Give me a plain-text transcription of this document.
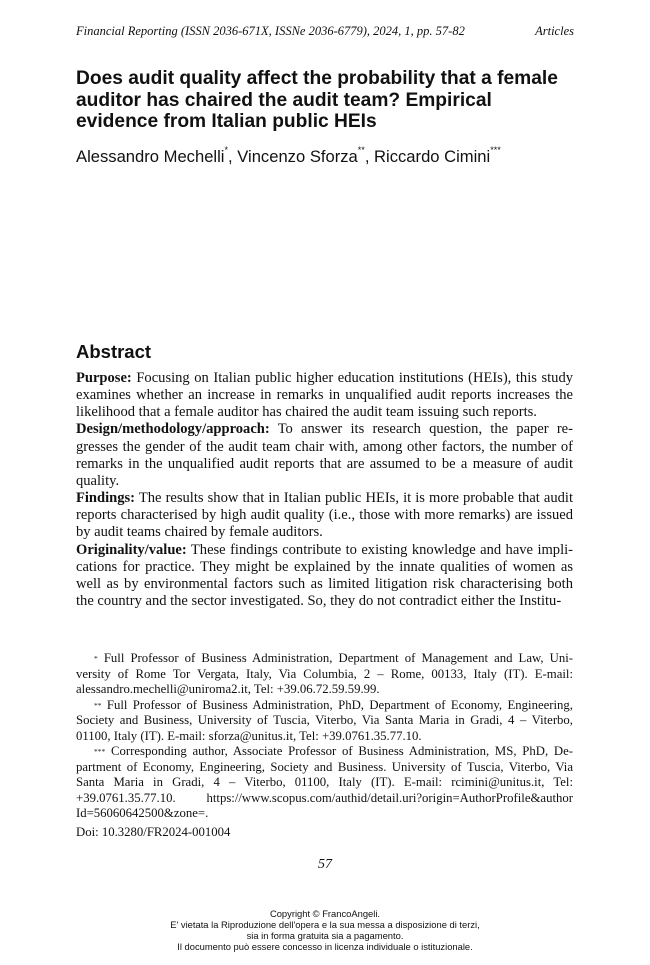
Financial Reporting (ISSN 2036-671X, ISSNe 2036-6779), 2024, 1, pp. 57-82	Articles
Does audit quality affect the probability that a female auditor has chaired the audit team? Empirical evidence from Italian public HEIs
Alessandro Mechelli*, Vincenzo Sforza**, Riccardo Cimini***
Abstract

Purpose: Focusing on Italian public higher education institutions (HEIs), this study examines whether an increase in remarks in unqualified audit reports increases the likelihood that a female auditor has chaired the audit team issuing such reports.

Design/methodology/approach: To answer its research question, the paper re-gresses the gender of the audit team chair with, among other factors, the number of remarks in the unqualified audit reports that are assumed to be a measure of audit quality.

Findings: The results show that in Italian public HEIs, it is more probable that audit reports characterised by high audit quality (i.e., those with more remarks) are issued by audit teams chaired by female auditors.

Originality/value: These findings contribute to existing knowledge and have impli-cations for practice. They might be explained by the innate qualities of women as well as by environmental factors such as limited litigation risk characterising both the country and the sector investigated. So, they do not contradict either the Institu-

* Full Professor of Business Administration, Department of Management and Law, Uni-versity of Rome Tor Vergata, Italy, Via Columbia, 2 – Rome, 00133, Italy (IT). E-mail: alessandro.mechelli@uniroma2.it, Tel: +39.06.72.59.59.99.

** Full Professor of Business Administration, PhD, Department of Economy, Engineering, Society and Business, University of Tuscia, Viterbo, Via Santa Maria in Gradi, 4 – Viterbo, 01100, Italy (IT). E-mail: sforza@unitus.it, Tel: +39.0761.35.77.10.

*** Corresponding author, Associate Professor of Business Administration, MS, PhD, De-partment of Economy, Engineering, Society and Business. University of Tuscia, Viterbo, Via Santa Maria in Gradi, 4 – Viterbo, 01100, Italy (IT). E-mail: rcimini@unitus.it, Tel: +39.0761.35.77.10. https://www.scopus.com/authid/detail.uri?origin=AuthorProfile&author Id=56060642500&zone=.

Doi: 10.3280/FR2024-001004
57
Copyright © FrancoAngeli.
E' vietata la Riproduzione dell'opera e la sua messa a disposizione di terzi,
sia in forma gratuita sia a pagamento.
Il documento può essere concesso in licenza individuale o istituzionale.
